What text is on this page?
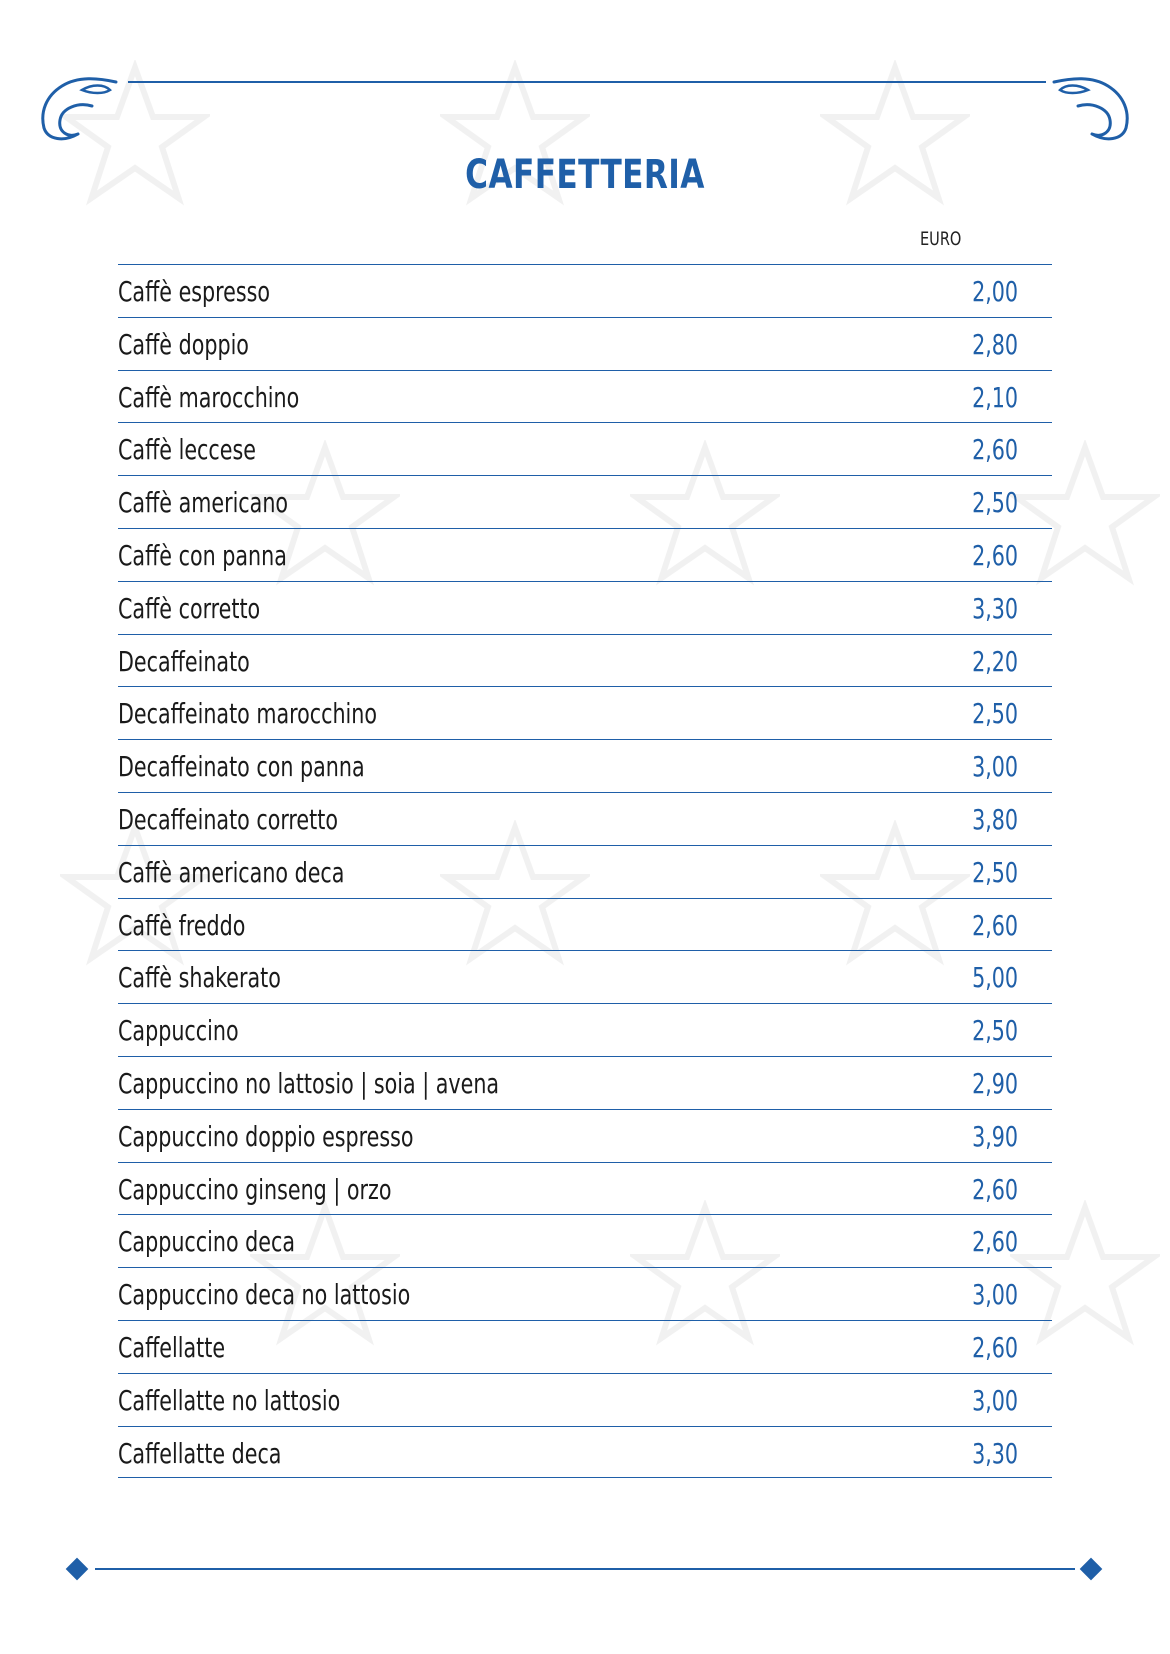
CAFFETTERIA
EURO
Caffè espresso	2,00
Caffè doppio	2,80
Caffè marocchino	2,10
Caffè leccese	2,60
Caffè americano	2,50
Caffè con panna	2,60
Caffè corretto	3,30
Decaffeinato	2,20
Decaffeinato marocchino	2,50
Decaffeinato con panna	3,00
Decaffeinato corretto	3,80
Caffè americano deca	2,50
Caffè freddo	2,60
Caffè shakerato	5,00
Cappuccino	2,50
Cappuccino no lattosio | soia | avena	2,90
Cappuccino doppio espresso	3,90
Cappuccino ginseng | orzo	2,60
Cappuccino deca	2,60
Cappuccino deca no lattosio	3,00
Caffellatte	2,60
Caffellatte no lattosio	3,00
Caffellatte deca	3,30
